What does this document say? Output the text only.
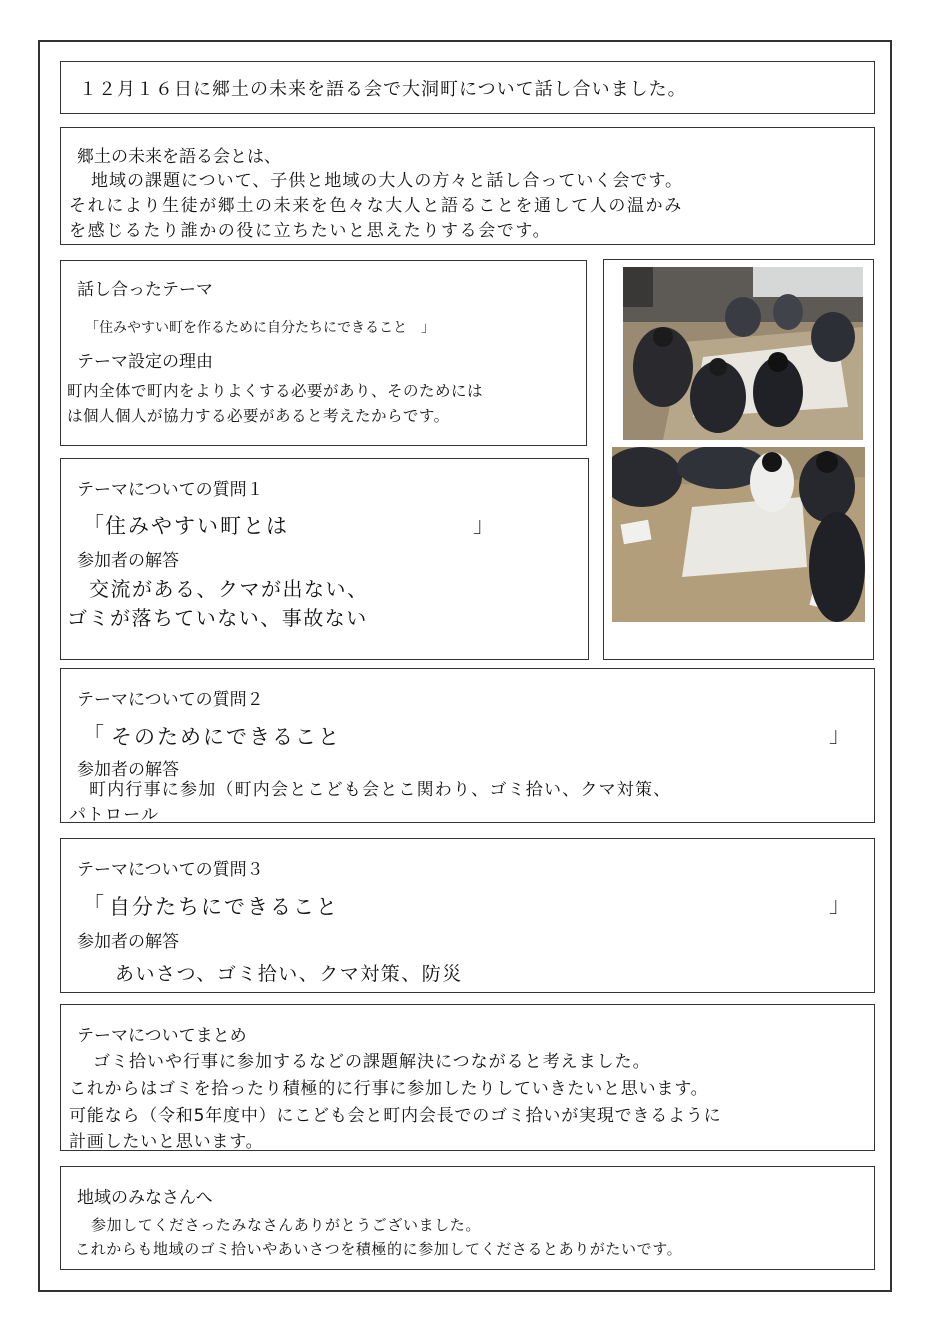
１２月１６日に郷土の未来を語る会で大洞町について話し合いました。
郷土の未来を語る会とは、
地域の課題について、子供と地域の大人の方々と話し合っていく会です。
それにより生徒が郷土の未来を色々な大人と語ることを通して人の温かみ
を感じるたり誰かの役に立ちたいと思えたりする会です。
話し合ったテーマ
「住みやすい町を作るために自分たちにできること　」
テーマ設定の理由
町内全体で町内をよりよくする必要があり、そのためには
は個人個人が協力する必要があると考えたからです。
テーマについての質問１
「 住みやすい町とは	」
参加者の解答
交流がある、クマが出ない、
ゴミが落ちていない、事故ない
テーマについての質問２
「 そのためにできること	」
参加者の解答
町内行事に参加（町内会とこども会とこ関わり、ゴミ拾い、クマ対策、
パトロール
テーマについての質問３
「 自分たちにできること	」
参加者の解答
あいさつ、ゴミ拾い、クマ対策、防災
テーマについてまとめ
ゴミ拾いや行事に参加するなどの課題解決につながると考えました。
これからはゴミを拾ったり積極的に行事に参加したりしていきたいと思います。
可能なら（令和5年度中）にこども会と町内会長でのゴミ拾いが実現できるように
計画したいと思います。
地域のみなさんへ
参加してくださったみなさんありがとうございました。
これからも地域のゴミ拾いやあいさつを積極的に参加してくださるとありがたいです。
